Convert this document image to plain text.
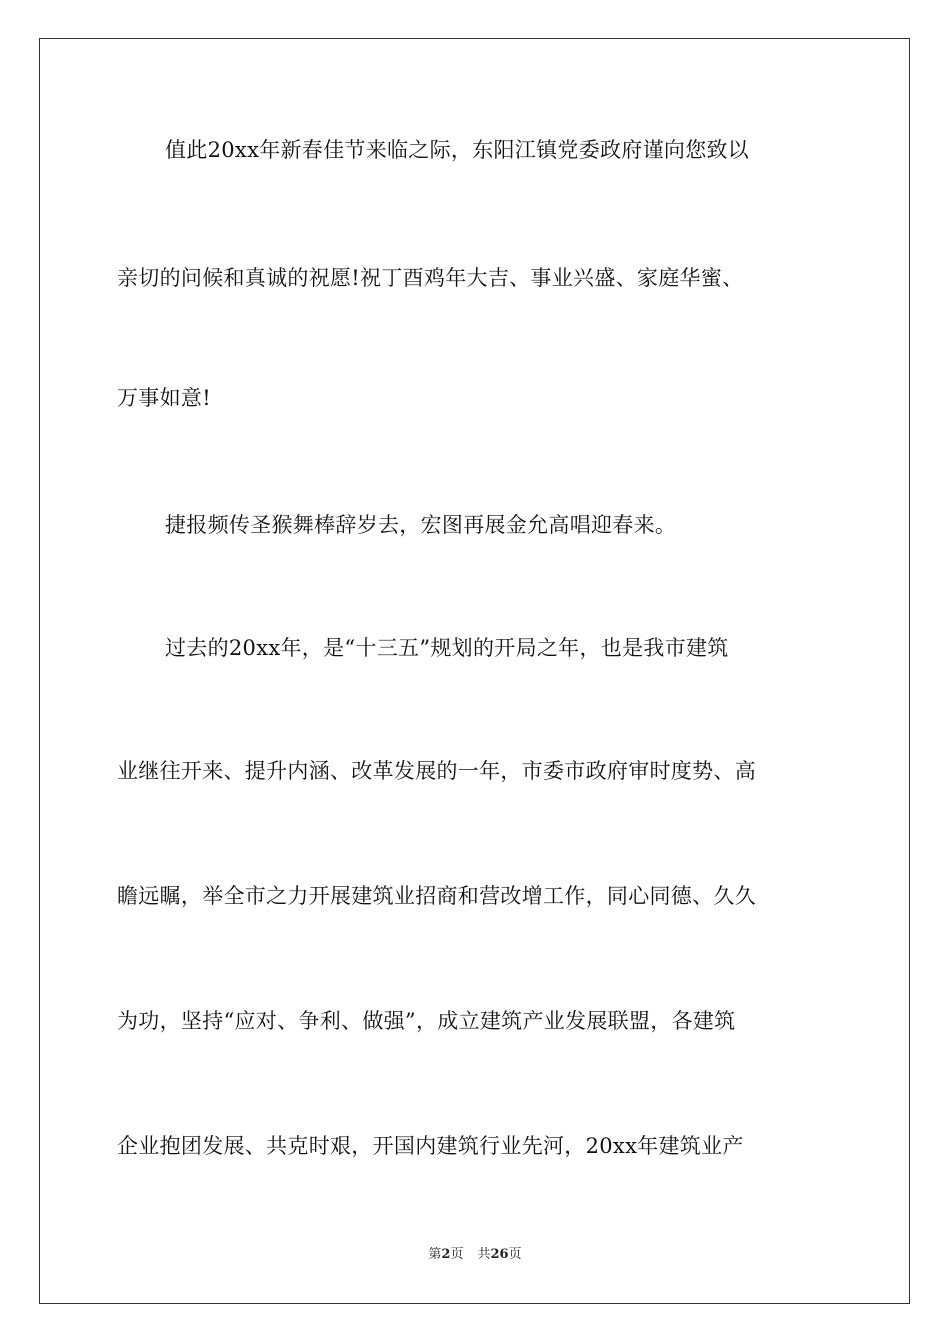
值此20xx年新春佳节来临之际，东阳江镇党委政府谨向您致以
亲切的问候和真诚的祝愿!祝丁酉鸡年大吉、事业兴盛、家庭华蜜、
万事如意!
捷报频传圣猴舞棒辞岁去，宏图再展金允高唱迎春来。
过去的20xx年，是“十三五”规划的开局之年，也是我市建筑
业继往开来、提升内涵、改革发展的一年，市委市政府审时度势、高
瞻远瞩，举全市之力开展建筑业招商和营改增工作，同心同德、久久
为功，坚持“应对、争利、做强”，成立建筑产业发展联盟，各建筑
企业抱团发展、共克时艰，开国内建筑行业先河，20xx年建筑业产
第2页 共26页
